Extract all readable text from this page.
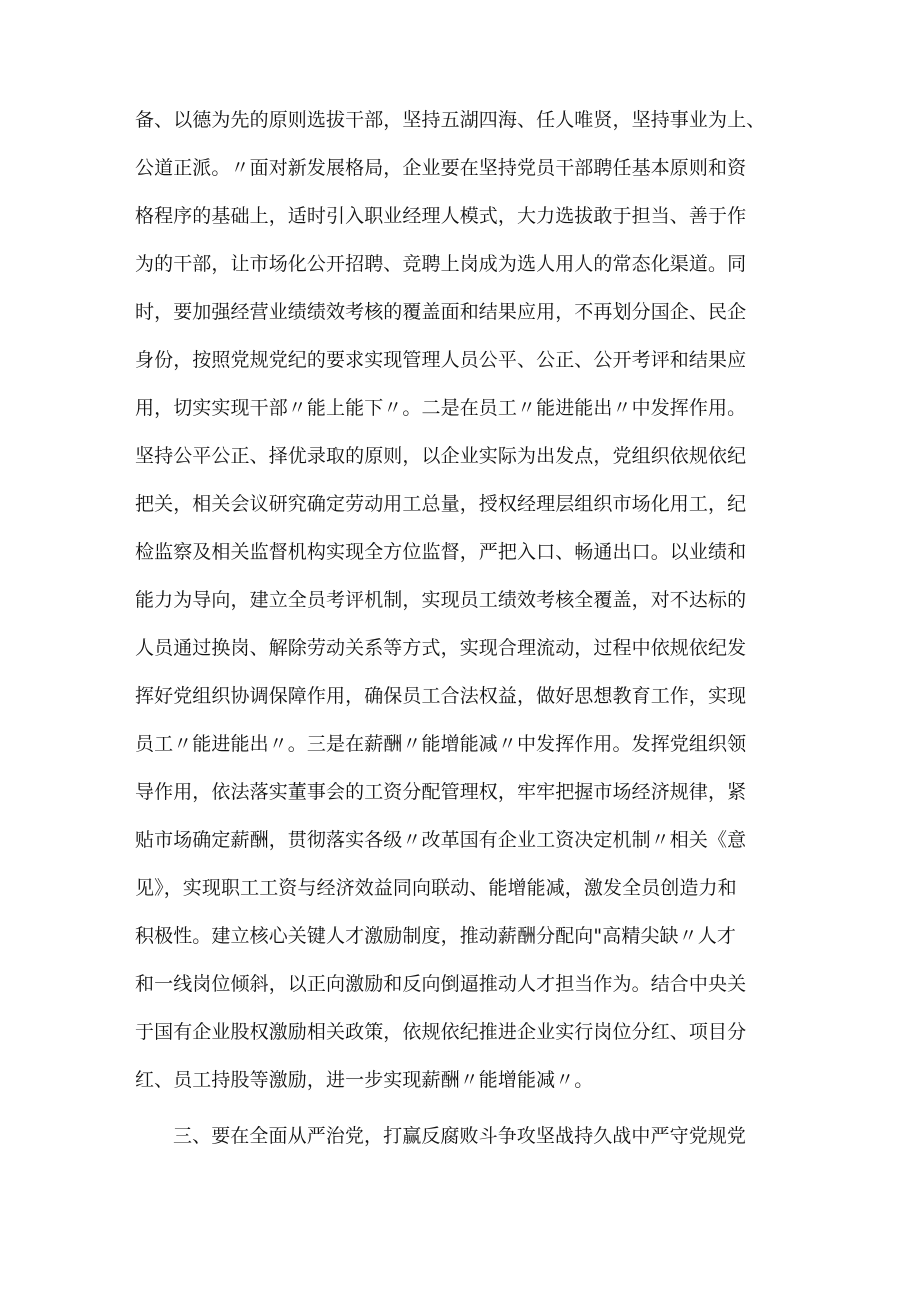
备、以德为先的原则选拔干部，坚持五湖四海、任人唯贤，坚持事业为上、
公道正派。〃面对新发展格局，企业要在坚持党员干部聘任基本原则和资
格程序的基础上，适时引入职业经理人模式，大力选拔敢于担当、善于作
为的干部，让市场化公开招聘、竞聘上岗成为选人用人的常态化渠道。同
时，要加强经营业绩绩效考核的覆盖面和结果应用，不再划分国企、民企
身份，按照党规党纪的要求实现管理人员公平、公正、公开考评和结果应
用，切实实现干部〃能上能下〃。二是在员工〃能进能出〃中发挥作用。
坚持公平公正、择优录取的原则，以企业实际为出发点，党组织依规依纪
把关，相关会议研究确定劳动用工总量，授权经理层组织市场化用工，纪
检监察及相关监督机构实现全方位监督，严把入口、畅通出口。以业绩和
能力为导向，建立全员考评机制，实现员工绩效考核全覆盖，对不达标的
人员通过换岗、解除劳动关系等方式，实现合理流动，过程中依规依纪发
挥好党组织协调保障作用，确保员工合法权益，做好思想教育工作，实现
员工〃能进能出〃。三是在薪酬〃能增能减〃中发挥作用。发挥党组织领
导作用，依法落实董事会的工资分配管理权，牢牢把握市场经济规律，紧
贴市场确定薪酬，贯彻落实各级〃改革国有企业工资决定机制〃相关《意
见》，实现职工工资与经济效益同向联动、能增能减，激发全员创造力和
积极性。建立核心关键人才激励制度，推动薪酬分配向"高精尖缺〃人才
和一线岗位倾斜，以正向激励和反向倒逼推动人才担当作为。结合中央关
于国有企业股权激励相关政策，依规依纪推进企业实行岗位分红、项目分
红、员工持股等激励，进一步实现薪酬〃能增能减〃。
三、要在全面从严治党，打赢反腐败斗争攻坚战持久战中严守党规党
